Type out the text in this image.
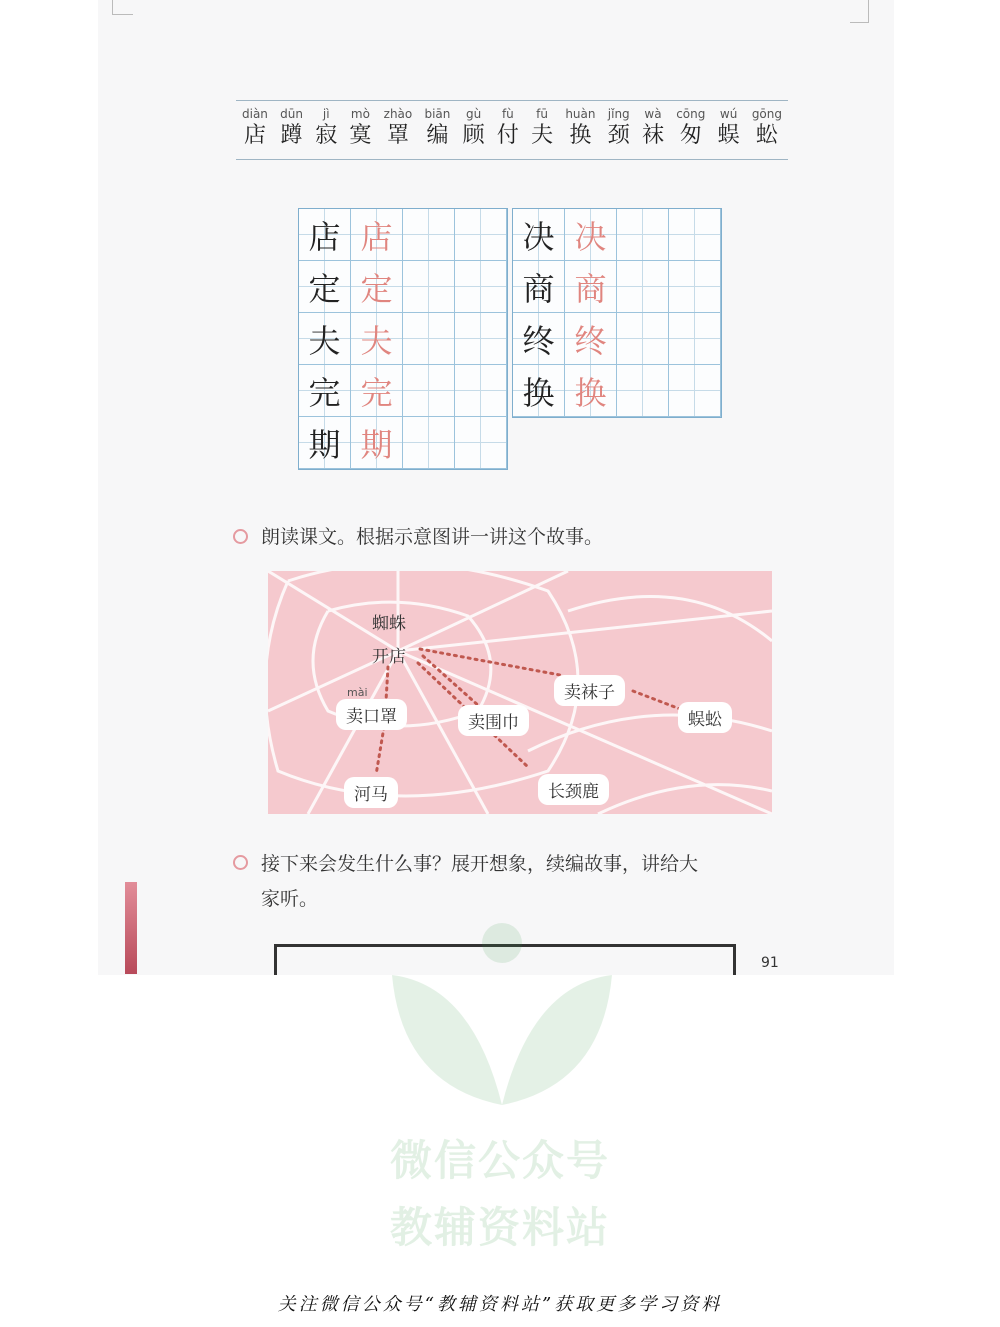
diàn
店
dūn
蹲
jì
寂
mò
寞
zhào
罩
biān
编
gù
顾
fù
付
fū
夫
huàn
换
jǐng
颈
wà
袜
cōng
匆
wú
蜈
gōng
蚣
店 店
定 定
夫 夫
完 完
期 期
决 决
商 商
终 终
换 换
朗读课文。根据示意图讲一讲这个故事。
蜘蛛
开店
mài
卖口罩
河马
卖围巾
长颈鹿
卖袜子
蜈蚣
接下来会发生什么事？展开想象，续编故事，讲给大
家听。
91
微信公众号
教辅资料站
关注微信公众号“教辅资料站”获取更多学习资料
